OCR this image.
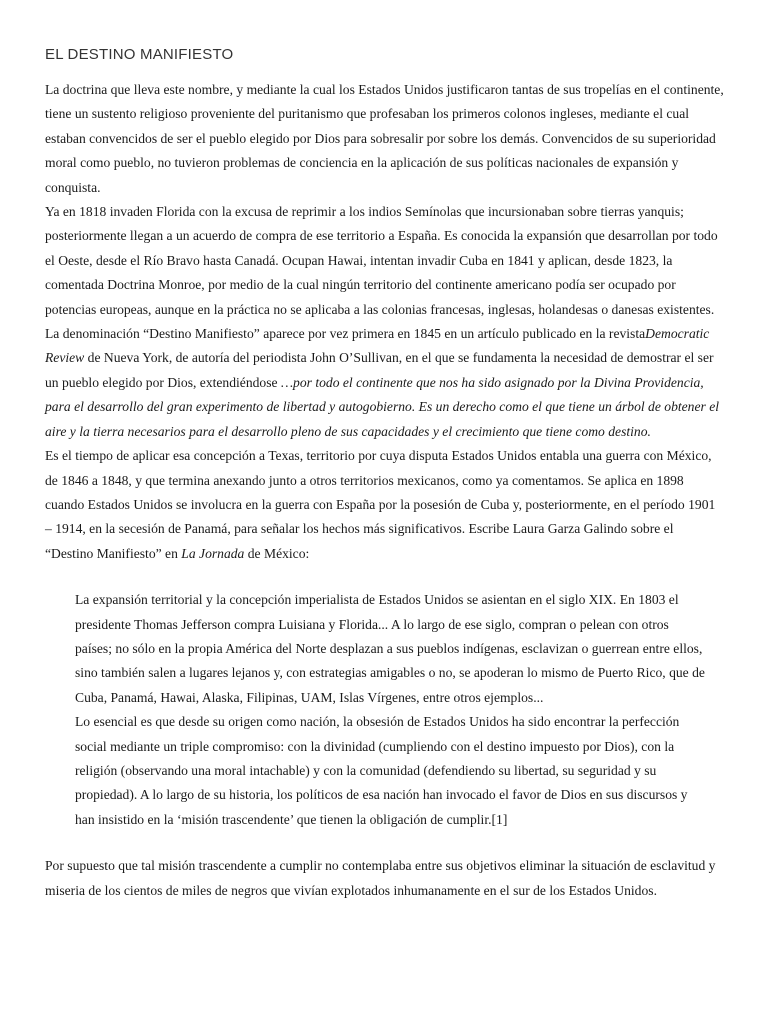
EL DESTINO MANIFIESTO

La doctrina que lleva este nombre, y mediante la cual los Estados Unidos justificaron tantas de sus tropelías en el continente, tiene un sustento religioso proveniente del puritanismo que profesaban los primeros colonos ingleses, mediante el cual estaban convencidos de ser el pueblo elegido por Dios para sobresalir por sobre los demás. Convencidos de su superioridad moral como pueblo, no tuvieron problemas de conciencia en la aplicación de sus políticas nacionales de expansión y conquista.

Ya en 1818 invaden Florida con la excusa de reprimir a los indios Semínolas que incursionaban sobre tierras yanquis; posteriormente llegan a un acuerdo de compra de ese territorio a España. Es conocida la expansión que desarrollan por todo el Oeste, desde el Río Bravo hasta Canadá. Ocupan Hawai, intentan invadir Cuba en 1841 y aplican, desde 1823, la comentada Doctrina Monroe, por medio de la cual ningún territorio del continente americano podía ser ocupado por potencias europeas, aunque en la práctica no se aplicaba a las colonias francesas, inglesas, holandesas o danesas existentes.

La denominación “Destino Manifiesto” aparece por vez primera en 1845 en un artículo publicado en la revistaDemocratic Review de Nueva York, de autoría del periodista John O’Sullivan, en el que se fundamenta la necesidad de demostrar el ser un pueblo elegido por Dios, extendiéndose …por todo el continente que nos ha sido asignado por la Divina Providencia, para el desarrollo del gran experimento de libertad y autogobierno. Es un derecho como el que tiene un árbol de obtener el aire y la tierra necesarios para el desarrollo pleno de sus capacidades y el crecimiento que tiene como destino.

Es el tiempo de aplicar esa concepción a Texas, territorio por cuya disputa Estados Unidos entabla una guerra con México, de 1846 a 1848, y que termina anexando junto a otros territorios mexicanos, como ya comentamos. Se aplica en 1898 cuando Estados Unidos se involucra en la guerra con España por la posesión de Cuba y, posteriormente, en el período 1901 – 1914, en la secesión de Panamá, para señalar los hechos más significativos. Escribe Laura Garza Galindo sobre el “Destino Manifiesto” en La Jornada de México:

La expansión territorial y la concepción imperialista de Estados Unidos se asientan en el siglo XIX. En 1803 el presidente Thomas Jefferson compra Luisiana y Florida... A lo largo de ese siglo, compran o pelean con otros países; no sólo en la propia América del Norte desplazan a sus pueblos indígenas, esclavizan o guerrean entre ellos, sino también salen a lugares lejanos y, con estrategias amigables o no, se apoderan lo mismo de Puerto Rico, que de Cuba, Panamá, Hawai, Alaska, Filipinas, UAM, Islas Vírgenes, entre otros ejemplos...

Lo esencial es que desde su origen como nación, la obsesión de Estados Unidos ha sido encontrar la perfección social mediante un triple compromiso: con la divinidad (cumpliendo con el destino impuesto por Dios), con la religión (observando una moral intachable) y con la comunidad (defendiendo su libertad, su seguridad y su propiedad). A lo largo de su historia, los políticos de esa nación han invocado el favor de Dios en sus discursos y han insistido en la ‘misión trascendente’ que tienen la obligación de cumplir.[1]

Por supuesto que tal misión trascendente a cumplir no contemplaba entre sus objetivos eliminar la situación de esclavitud y miseria de los cientos de miles de negros que vivían explotados inhumanamente en el sur de los Estados Unidos.
